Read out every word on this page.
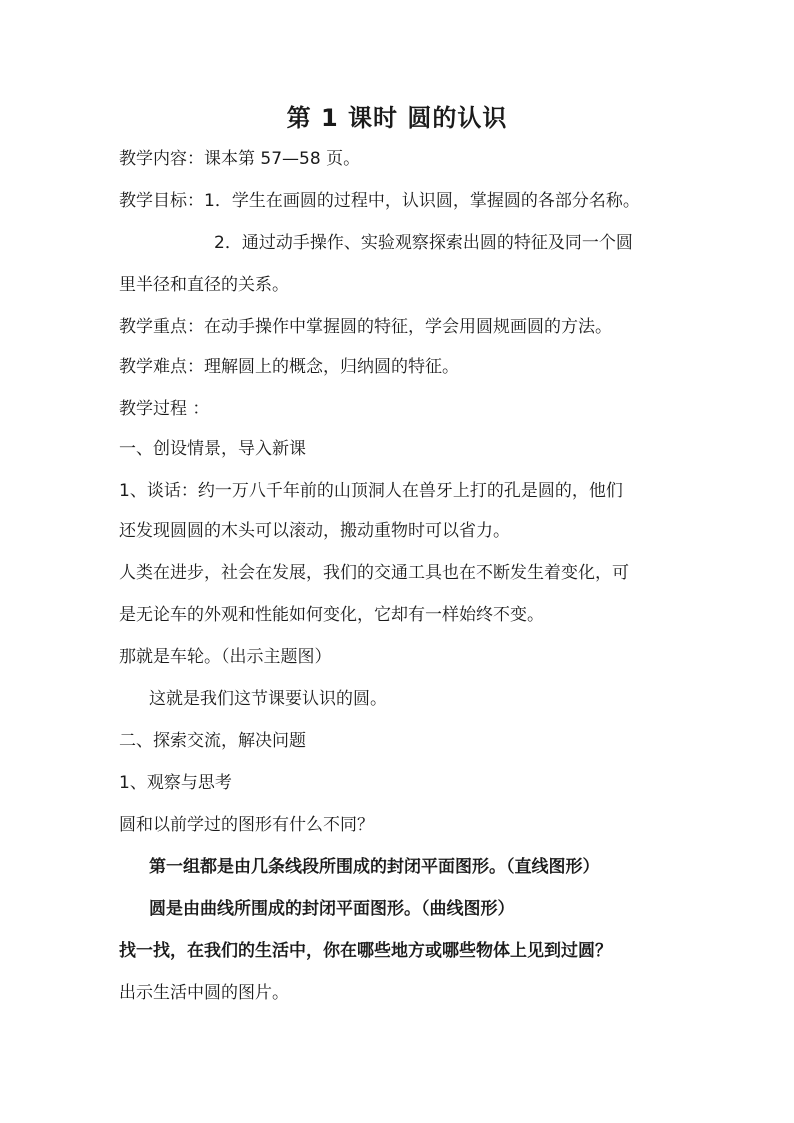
第 1 课时 圆的认识
教学内容：课本第 57—58 页。
教学目标：1．学生在画圆的过程中，认识圆，掌握圆的各部分名称。
2．通过动手操作、实验观察探索出圆的特征及同一个圆
里半径和直径的关系。
教学重点：在动手操作中掌握圆的特征，学会用圆规画圆的方法。
教学难点：理解圆上的概念，归纳圆的特征。
教学过程 ：
一、创设情景，导入新课
1、谈话：约一万八千年前的山顶洞人在兽牙上打的孔是圆的，他们
还发现圆圆的木头可以滚动，搬动重物时可以省力。
人类在进步，社会在发展，我们的交通工具也在不断发生着变化，可
是无论车的外观和性能如何变化，它却有一样始终不变。
那就是车轮。（出示主题图）
这就是我们这节课要认识的圆。
二、探索交流，解决问题
1、观察与思考
圆和以前学过的图形有什么不同？
第一组都是由几条线段所围成的封闭平面图形。（直线图形）
圆是由曲线所围成的封闭平面图形。（曲线图形）
找一找，在我们的生活中，你在哪些地方或哪些物体上见到过圆？
出示生活中圆的图片。
